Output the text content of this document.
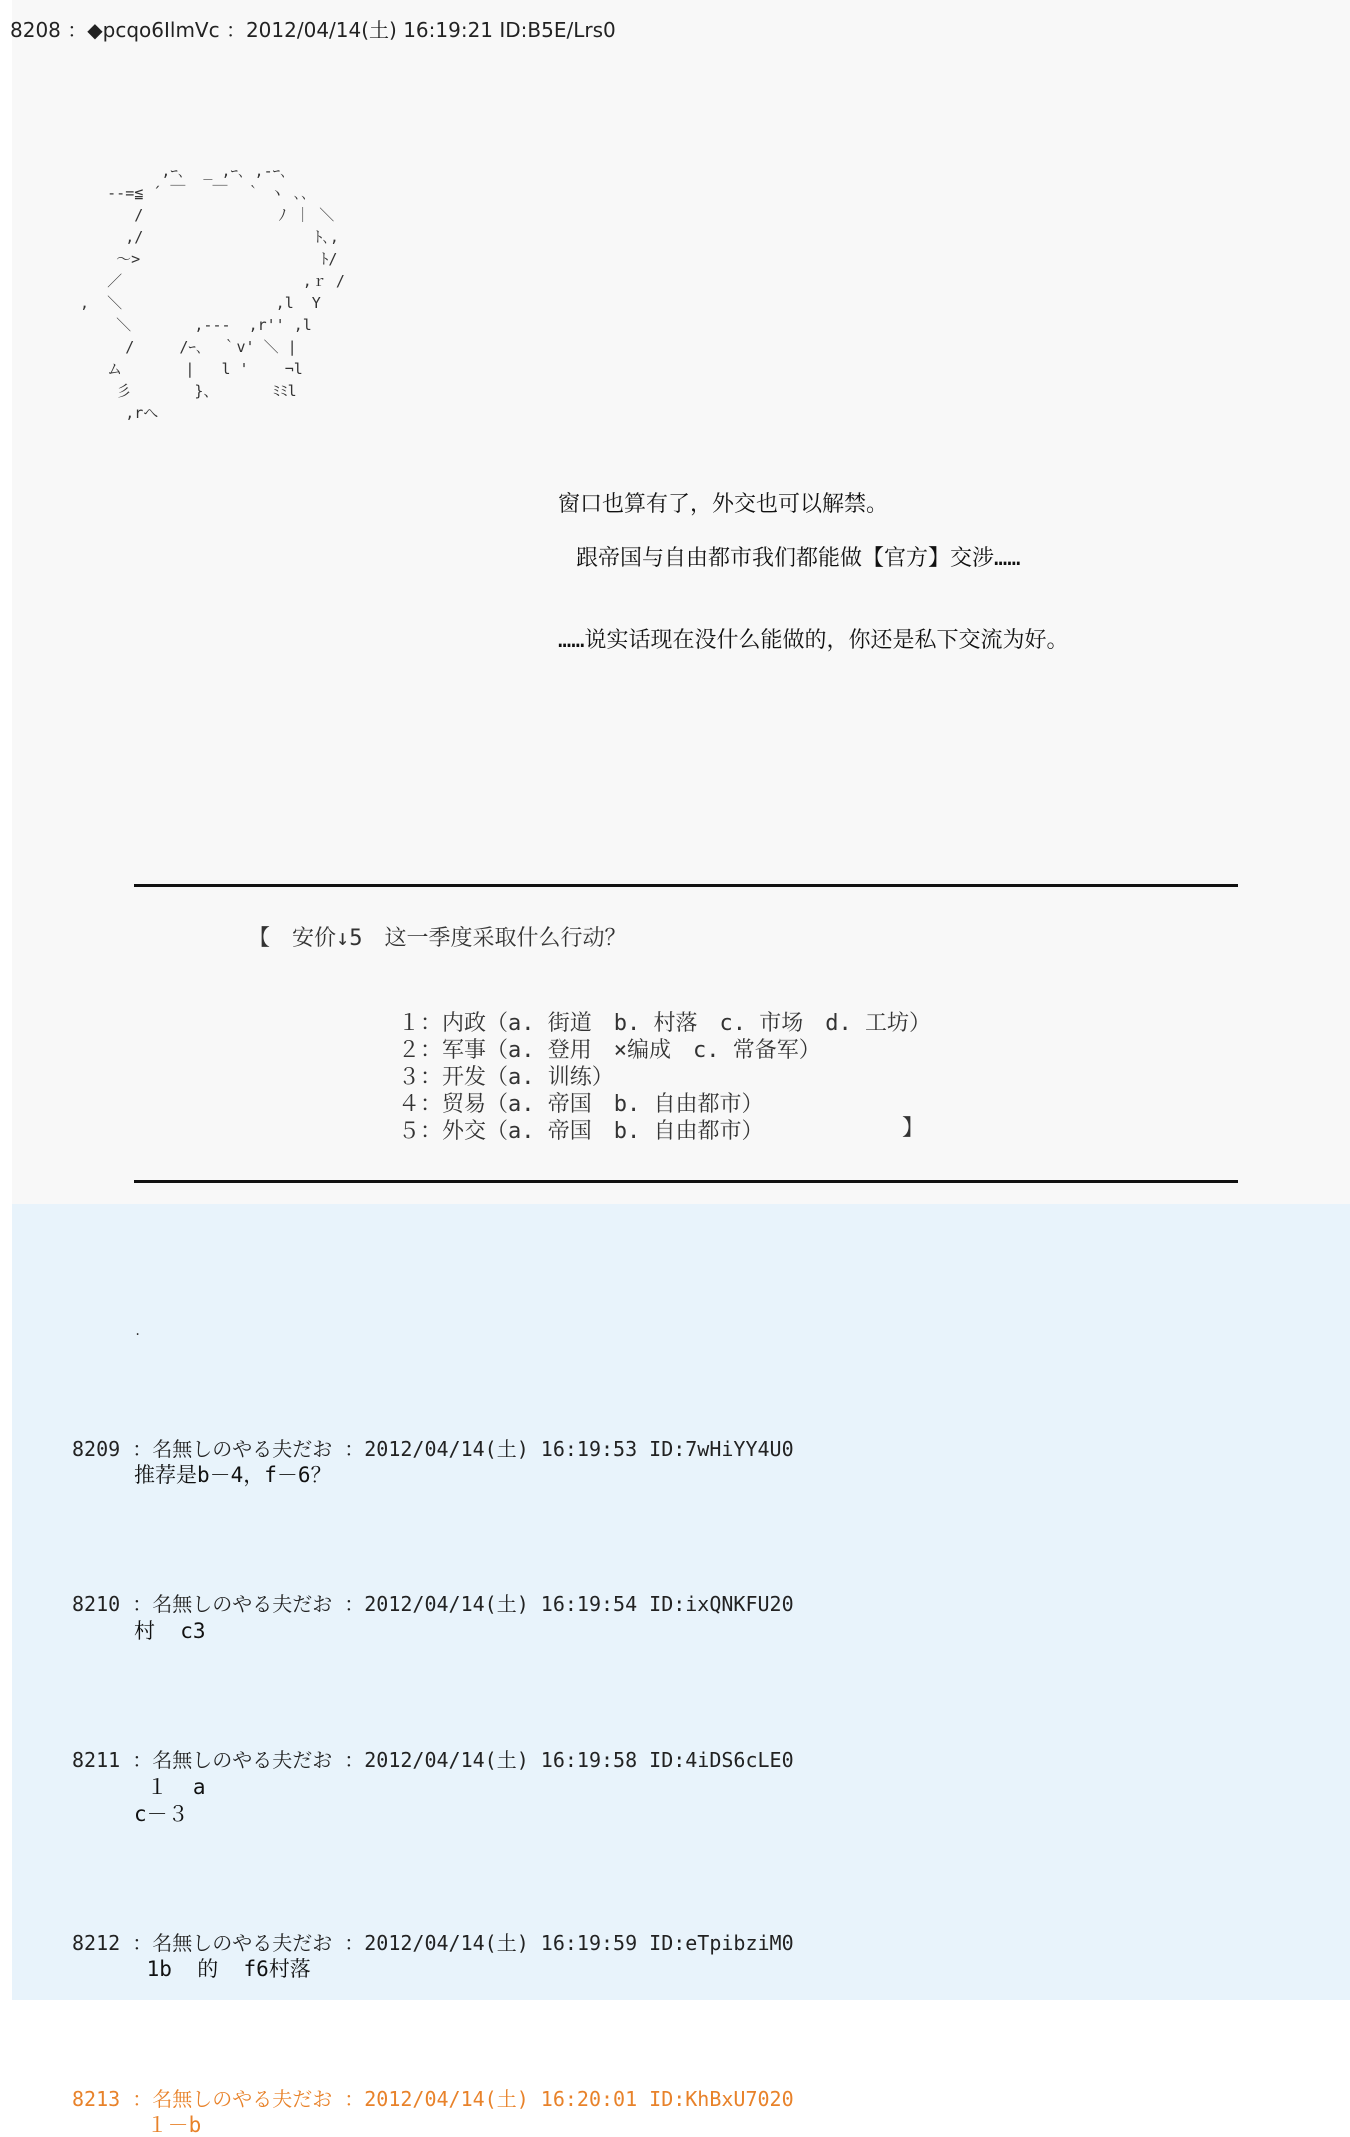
8208 ：◆pcqo6IlmVc ：2012/04/14(土) 16:19:21 ID:B5E/Lrs0
,ｰ､  _ ,ｰ､ ,-ｰ､
--=≦ ´ ￣   ￣  ｀ ヽ ､､
/               ﾉ ｜ ＼
,/                   ﾄ､,
～>                    ﾄ/
／                    ,ｒ /
,  ＼                 ,l  Y
＼       ,---  ,r'' ,l
/     /ｰ､  ｀v' ＼ |
ム       |   l '    ¬l
彡       }、      ﾐﾐl
,rへ

窗口也算有了，外交也可以解禁。

跟帝国与自由都市我们都能做【官方】交涉……

……说实话现在没什么能做的，你还是私下交流为好。

【　安价↓5　这一季度采取什么行动？

１：内政（a. 街道　b. 村落　c. 市场　d. 工坊）

２：军事（a. 登用　×编成　c. 常备军）

３：开发（a. 训练）

４：贸易（a. 帝国　b. 自由都市）

５：外交（a. 帝国　b. 自由都市）	】

.

8209 ：名無しのやる夫だお ：2012/04/14(土) 16:19:53 ID:7wHiYY4U0

推荐是b－4，f－6？

8210 ：名無しのやる夫だお ：2012/04/14(土) 16:19:54 ID:ixQNKFU20

村  c3

8211 ：名無しのやる夫だお ：2012/04/14(土) 16:19:58 ID:4iDS6cLE0

１  a

c－３

8212 ：名無しのやる夫だお ：2012/04/14(土) 16:19:59 ID:eTpibziM0

1b  的  f6村落

8213 ：名無しのやる夫だお ：2012/04/14(土) 16:20:01 ID:KhBxU7020

１－b
